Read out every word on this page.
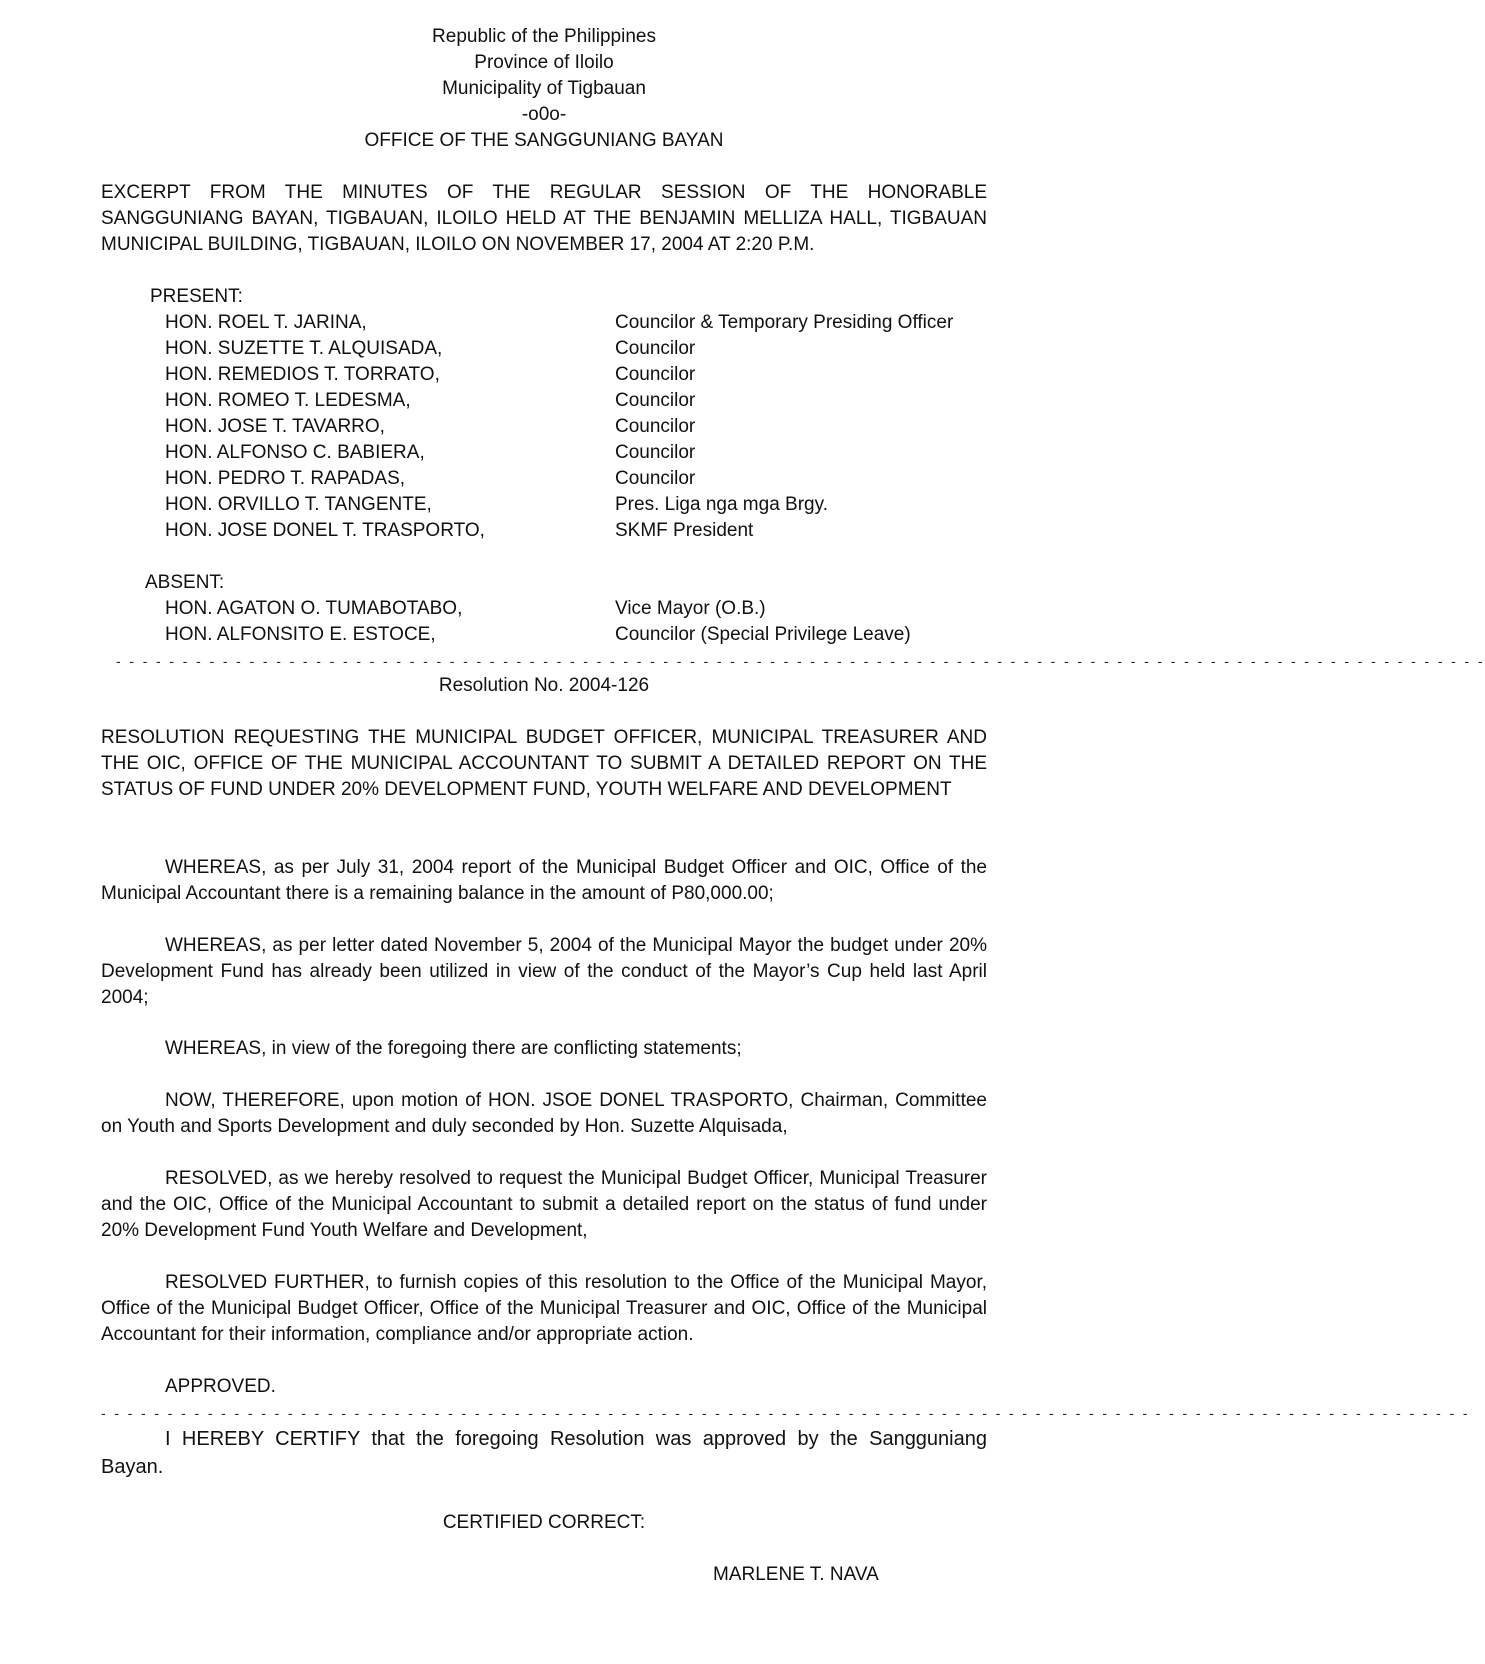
Republic of the Philippines
Province of Iloilo
Municipality of Tigbauan
-o0o-
OFFICE OF THE SANGGUNIANG BAYAN
EXCERPT FROM THE MINUTES OF THE REGULAR SESSION OF THE HONORABLE SANGGUNIANG BAYAN, TIGBAUAN, ILOILO HELD AT THE BENJAMIN MELLIZA HALL, TIGBAUAN MUNICIPAL BUILDING, TIGBAUAN, ILOILO ON NOVEMBER 17, 2004 AT 2:20 P.M.
PRESENT:
HON. ROEL T. JARINA,	Councilor & Temporary Presiding Officer
HON. SUZETTE T. ALQUISADA,	Councilor
HON. REMEDIOS T. TORRATO,	Councilor
HON. ROMEO T. LEDESMA,	Councilor
HON. JOSE T. TAVARRO,	Councilor
HON. ALFONSO C. BABIERA,	Councilor
HON. PEDRO T. RAPADAS,	Councilor
HON. ORVILLO T. TANGENTE,	Pres. Liga nga mga Brgy.
HON. JOSE DONEL T. TRASPORTO,	SKMF President
ABSENT:
HON. AGATON O. TUMABOTABO,	Vice Mayor (O.B.)
HON. ALFONSITO E. ESTOCE,	Councilor (Special Privilege Leave)
- - - - - - - - - - - - - - - - - - - - - - - - - - - - - - - - - - - - - - - - - - - - - - - - - - - - - - - - - - - - - - - - - - - - - - - - - - - - - - - - - - - - - - - - - - - - - - - - - - - - - - -
Resolution No. 2004-126
RESOLUTION REQUESTING THE MUNICIPAL BUDGET OFFICER, MUNICIPAL TREASURER AND THE OIC, OFFICE OF THE MUNICIPAL ACCOUNTANT TO SUBMIT A DETAILED REPORT ON THE STATUS OF FUND UNDER 20% DEVELOPMENT FUND, YOUTH WELFARE AND DEVELOPMENT
WHEREAS, as per July 31, 2004 report of the Municipal Budget Officer and OIC, Office of the Municipal Accountant there is a remaining balance in the amount of P80,000.00;
WHEREAS, as per letter dated November 5, 2004 of the Municipal Mayor the budget under 20% Development Fund has already been utilized in view of the conduct of the Mayor’s Cup held last April 2004;
WHEREAS, in view of the foregoing there are conflicting statements;
NOW, THEREFORE, upon motion of HON. JSOE DONEL TRASPORTO, Chairman, Committee on Youth and Sports Development and duly seconded by Hon. Suzette Alquisada,
RESOLVED, as we hereby resolved to request the Municipal Budget Officer, Municipal Treasurer and the OIC, Office of the Municipal Accountant to submit a detailed report on the status of fund under 20% Development Fund Youth Welfare and Development,
RESOLVED FURTHER, to furnish copies of this resolution to the Office of the Municipal Mayor, Office of the Municipal Budget Officer, Office of the Municipal Treasurer and OIC, Office of the Municipal Accountant for their information, compliance and/or appropriate action.
APPROVED.
- - - - - - - - - - - - - - - - - - - - - - - - - - - - - - - - - - - - - - - - - - - - - - - - - - - - - - - - - - - - - - - - - - - - - - - - - - - - - - - - - - - - - - - - - - - - - - - - - - - - - - -
I HEREBY CERTIFY that the foregoing Resolution was approved by the Sangguniang Bayan.
CERTIFIED CORRECT:
MARLENE T. NAVA
